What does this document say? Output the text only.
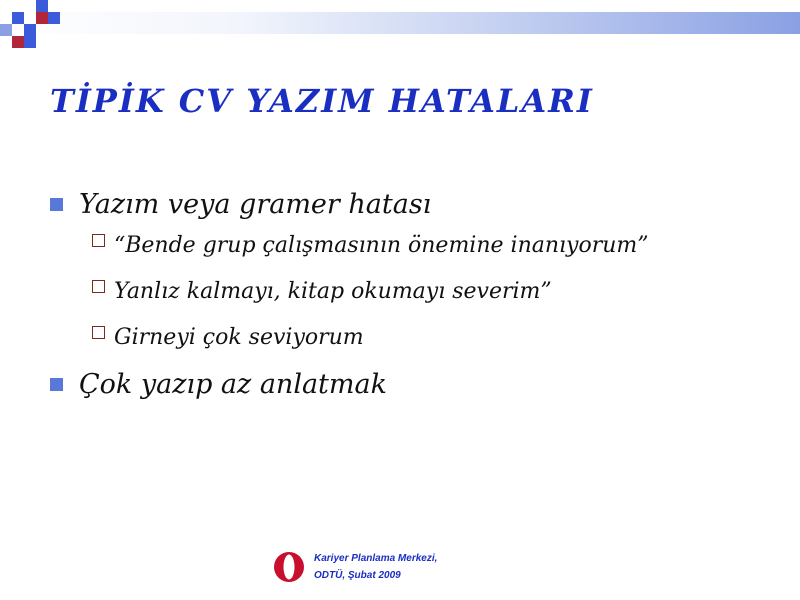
TİPİK CV YAZIM HATALARI
Yazım veya gramer hatası
“Bende grup çalışmasının önemine inanıyorum”
Yanlız kalmayı, kitap okumayı severim”
Girneyi çok seviyorum
Çok yazıp az anlatmak
Kariyer Planlama Merkezi,
ODTÜ, Şubat 2009
